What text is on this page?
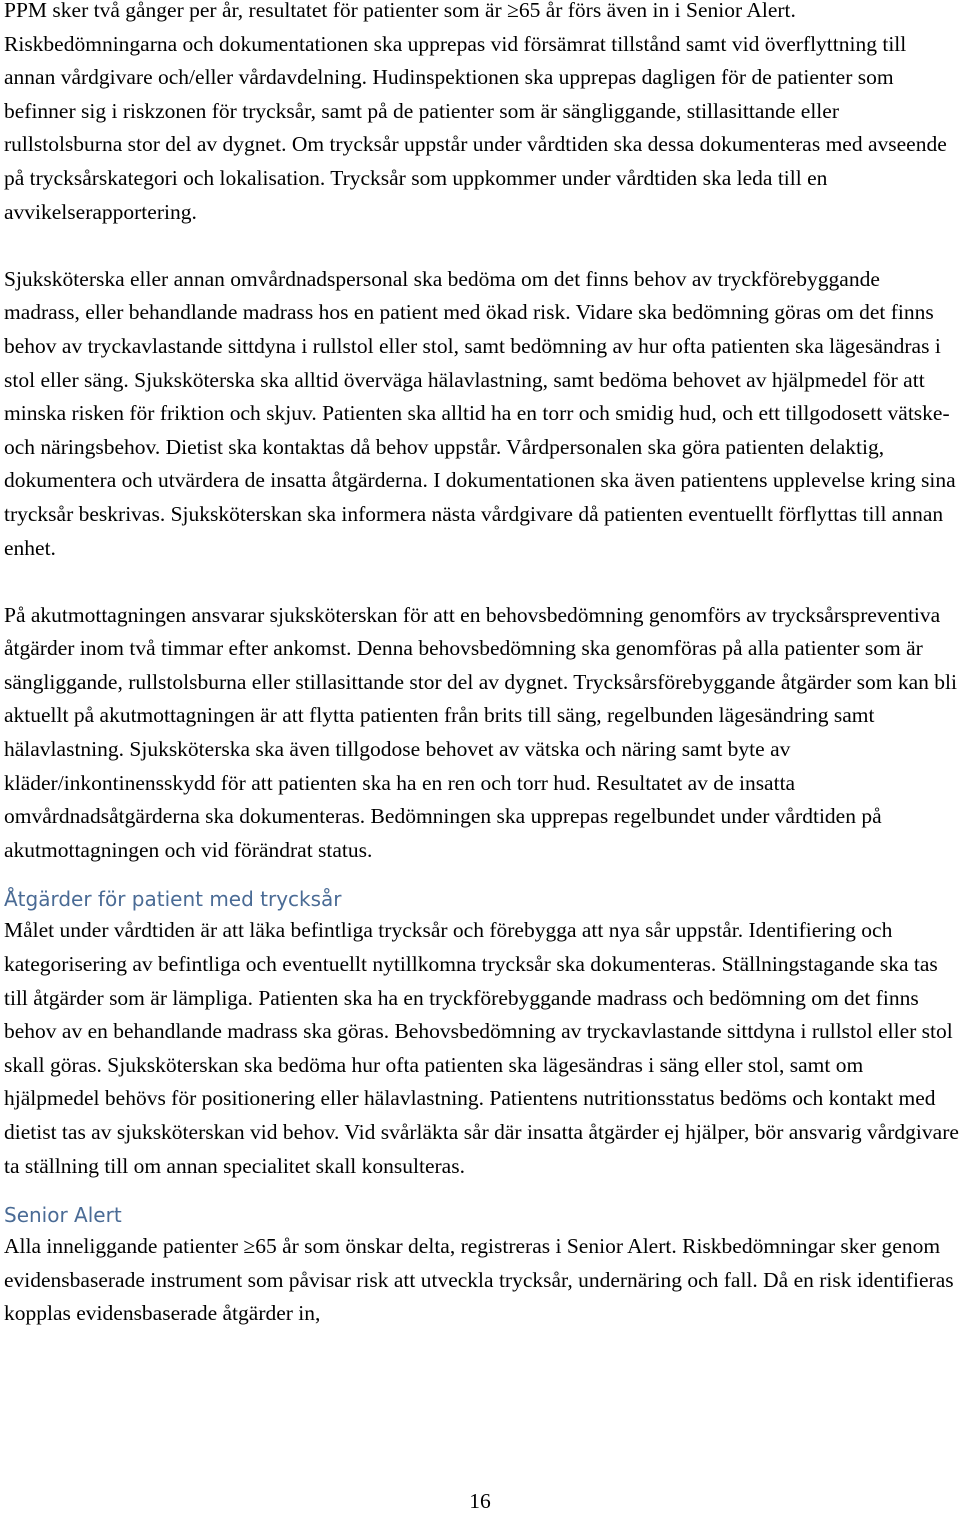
PPM sker två gånger per år, resultatet för patienter som är ≥65 år förs även in i Senior Alert. Riskbedömningarna och dokumentationen ska upprepas vid försämrat tillstånd samt vid överflyttning till annan vårdgivare och/eller vårdavdelning. Hudinspektionen ska upprepas dagligen för de patienter som befinner sig i riskzonen för trycksår, samt på de patienter som är sängliggande, stillasittande eller rullstolsburna stor del av dygnet. Om trycksår uppstår under vårdtiden ska dessa dokumenteras med avseende på trycksårskategori och lokalisation. Trycksår som uppkommer under vårdtiden ska leda till en avvikelserapportering.

Sjuksköterska eller annan omvårdnadspersonal ska bedöma om det finns behov av tryckförebyggande madrass, eller behandlande madrass hos en patient med ökad risk. Vidare ska bedömning göras om det finns behov av tryckavlastande sittdyna i rullstol eller stol, samt bedömning av hur ofta patienten ska lägesändras i stol eller säng. Sjuksköterska ska alltid överväga hälavlastning, samt bedöma behovet av hjälpmedel för att minska risken för friktion och skjuv. Patienten ska alltid ha en torr och smidig hud, och ett tillgodosett vätske- och näringsbehov. Dietist ska kontaktas då behov uppstår. Vårdpersonalen ska göra patienten delaktig, dokumentera och utvärdera de insatta åtgärderna. I dokumentationen ska även patientens upplevelse kring sina trycksår beskrivas. Sjuksköterskan ska informera nästa vårdgivare då patienten eventuellt förflyttas till annan enhet.

På akutmottagningen ansvarar sjuksköterskan för att en behovsbedömning genomförs av trycksårspreventiva åtgärder inom två timmar efter ankomst. Denna behovsbedömning ska genomföras på alla patienter som är sängliggande, rullstolsburna eller stillasittande stor del av dygnet. Trycksårsförebyggande åtgärder som kan bli aktuellt på akutmottagningen är att flytta patienten från brits till säng, regelbunden lägesändring samt hälavlastning. Sjuksköterska ska även tillgodose behovet av vätska och näring samt byte av kläder/inkontinensskydd för att patienten ska ha en ren och torr hud. Resultatet av de insatta omvårdnadsåtgärderna ska dokumenteras. Bedömningen ska upprepas regelbundet under vårdtiden på akutmottagningen och vid förändrat status.

Åtgärder för patient med trycksår

Målet under vårdtiden är att läka befintliga trycksår och förebygga att nya sår uppstår. Identifiering och kategorisering av befintliga och eventuellt nytillkomna trycksår ska dokumenteras. Ställningstagande ska tas till åtgärder som är lämpliga. Patienten ska ha en tryckförebyggande madrass och bedömning om det finns behov av en behandlande madrass ska göras. Behovsbedömning av tryckavlastande sittdyna i rullstol eller stol skall göras. Sjuksköterskan ska bedöma hur ofta patienten ska lägesändras i säng eller stol, samt om hjälpmedel behövs för positionering eller hälavlastning. Patientens nutritionsstatus bedöms och kontakt med dietist tas av sjuksköterskan vid behov. Vid svårläkta sår där insatta åtgärder ej hjälper, bör ansvarig vårdgivare ta ställning till om annan specialitet skall konsulteras.

Senior Alert

Alla inneliggande patienter ≥65 år som önskar delta, registreras i Senior Alert. Riskbedömningar sker genom evidensbaserade instrument som påvisar risk att utveckla trycksår, undernäring och fall. Då en risk identifieras kopplas evidensbaserade åtgärder in,

16
